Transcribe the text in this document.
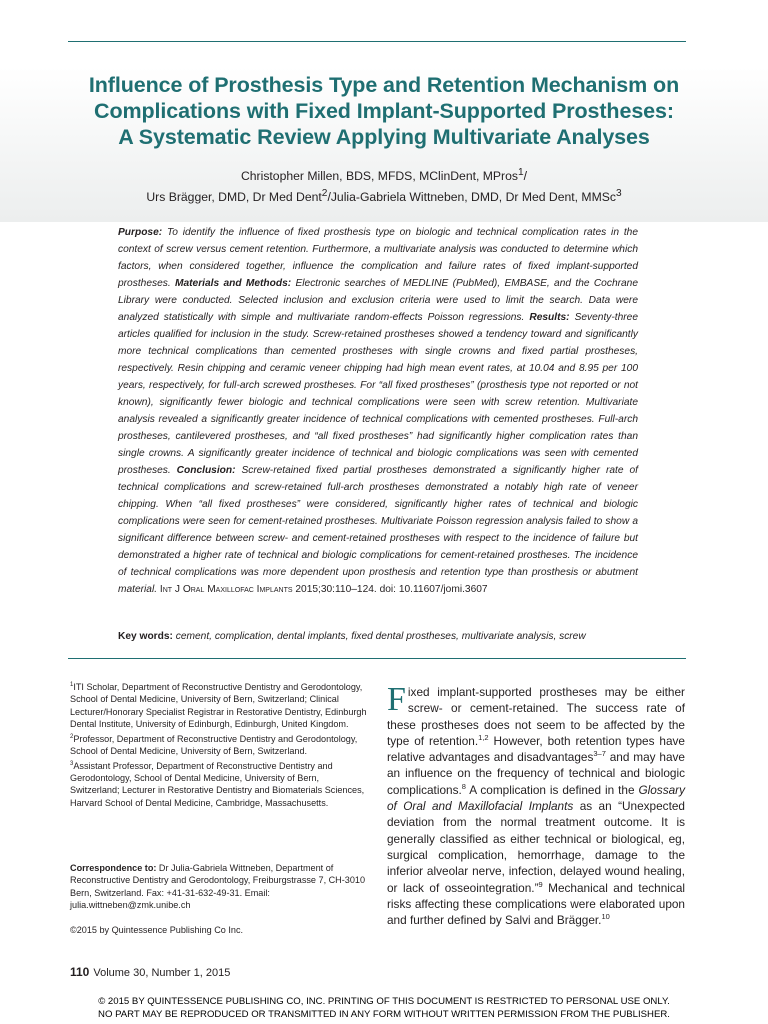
Influence of Prosthesis Type and Retention Mechanism on
Complications with Fixed Implant-Supported Prostheses:
A Systematic Review Applying Multivariate Analyses
Christopher Millen, BDS, MFDS, MClinDent, MPros$^1$/
Urs Brägger, DMD, Dr Med Dent$^2$/Julia-Gabriela Wittneben, DMD, Dr Med Dent, MMSc$^3$
Purpose: To identify the influence of fixed prosthesis type on biologic and technical complication rates in the context of screw versus cement retention. Furthermore, a multivariate analysis was conducted to determine which factors, when considered together, influence the complication and failure rates of fixed implant-supported prostheses. Materials and Methods: Electronic searches of MEDLINE (PubMed), EMBASE, and the Cochrane Library were conducted. Selected inclusion and exclusion criteria were used to limit the search. Data were analyzed statistically with simple and multivariate random-effects Poisson regressions. Results: Seventy-three articles qualified for inclusion in the study. Screw-retained prostheses showed a tendency toward and significantly more technical complications than cemented prostheses with single crowns and fixed partial prostheses, respectively. Resin chipping and ceramic veneer chipping had high mean event rates, at 10.04 and 8.95 per 100 years, respectively, for full-arch screwed prostheses. For “all fixed prostheses” (prosthesis type not reported or not known), significantly fewer biologic and technical complications were seen with screw retention. Multivariate analysis revealed a significantly greater incidence of technical complications with cemented prostheses. Full-arch prostheses, cantilevered prostheses, and “all fixed prostheses” had significantly higher complication rates than single crowns. A significantly greater incidence of technical and biologic complications was seen with cemented prostheses. Conclusion: Screw-retained fixed partial prostheses demonstrated a significantly higher rate of technical complications and screw-retained full-arch prostheses demonstrated a notably high rate of veneer chipping. When “all fixed prostheses” were considered, significantly higher rates of technical and biologic complications were seen for cement-retained prostheses. Multivariate Poisson regression analysis failed to show a significant difference between screw- and cement-retained prostheses with respect to the incidence of failure but demonstrated a higher rate of technical and biologic complications for cement-retained prostheses. The incidence of technical complications was more dependent upon prosthesis and retention type than prosthesis or abutment material. Int J Oral Maxillofac Implants 2015;30:110–124. doi: 10.11607/jomi.3607
Key words: cement, complication, dental implants, fixed dental prostheses, multivariate analysis, screw
$^1$ITI Scholar, Department of Reconstructive Dentistry and Gerodontology, School of Dental Medicine, University of Bern, Switzerland; Clinical Lecturer/Honorary Specialist Registrar in Restorative Dentistry, Edinburgh Dental Institute, University of Edinburgh, Edinburgh, United Kingdom.
$^2$Professor, Department of Reconstructive Dentistry and Gerodontology, School of Dental Medicine, University of Bern, Switzerland.
$^3$Assistant Professor, Department of Reconstructive Dentistry and Gerodontology, School of Dental Medicine, University of Bern, Switzerland; Lecturer in Restorative Dentistry and Biomaterials Sciences, Harvard School of Dental Medicine, Cambridge, Massachusetts.
Correspondence to: Dr Julia-Gabriela Wittneben, Department of Reconstructive Dentistry and Gerodontology, Freiburgstrasse 7, CH-3010 Bern, Switzerland. Fax: +41-31-632-49-31. Email: julia.wittneben@zmk.unibe.ch
©2015 by Quintessence Publishing Co Inc.
Fixed implant-supported prostheses may be either screw- or cement-retained. The success rate of these prostheses does not seem to be affected by the type of retention.$^{1,2}$ However, both retention types have relative advantages and disadvantages$^{3-7}$ and may have an influence on the frequency of technical and biologic complications.$^8$ A complication is defined in the Glossary of Oral and Maxillofacial Implants as an “Unexpected deviation from the normal treatment outcome. It is generally classified as either technical or biological, eg, surgical complication, hemorrhage, damage to the inferior alveolar nerve, infection, delayed wound healing, or lack of osseointegration.”$^9$ Mechanical and technical risks affecting these complications were elaborated upon and further defined by Salvi and Brägger.$^{10}$
110 Volume 30, Number 1, 2015
© 2015 BY QUINTESSENCE PUBLISHING CO, INC. PRINTING OF THIS DOCUMENT IS RESTRICTED TO PERSONAL USE ONLY.
NO PART MAY BE REPRODUCED OR TRANSMITTED IN ANY FORM WITHOUT WRITTEN PERMISSION FROM THE PUBLISHER.
